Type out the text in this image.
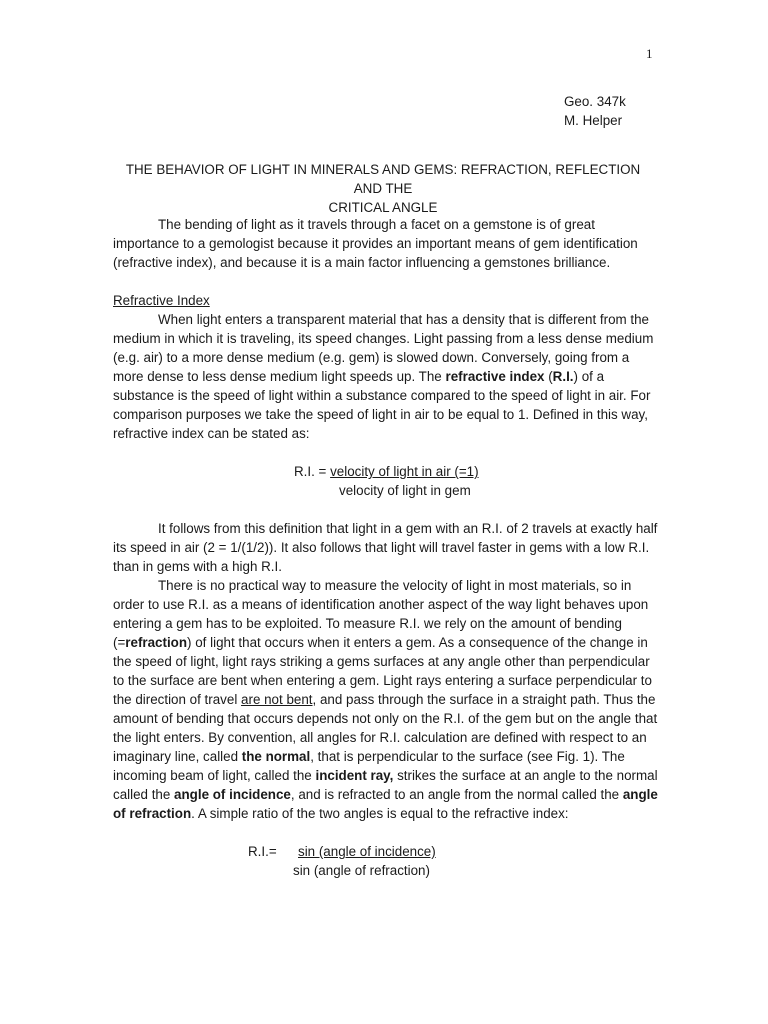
1
Geo. 347k
M. Helper
THE BEHAVIOR OF LIGHT IN MINERALS AND GEMS: REFRACTION, REFLECTION AND THE
CRITICAL ANGLE

The bending of light as it travels through a facet on a gemstone is of great importance to a gemologist because it provides an important means of gem identification (refractive index), and because it is a main factor influencing a gemstones brilliance.

Refractive Index

When light enters a transparent material that has a density that is different from the medium in which it is traveling, its speed changes. Light passing from a less dense medium (e.g. air) to a more dense medium (e.g. gem) is slowed down. Conversely, going from a more dense to less dense medium light speeds up. The refractive index (R.I.) of a substance is the speed of light within a substance compared to the speed of light in air. For comparison purposes we take the speed of light in air to be equal to 1. Defined in this way, refractive index can be stated as:

R.I. = velocity of light in air (=1)
velocity of light in gem

It follows from this definition that light in a gem with an R.I. of 2 travels at exactly half its speed in air (2 = 1/(1/2)). It also follows that light will travel faster in gems with a low R.I. than in gems with a high R.I.

There is no practical way to measure the velocity of light in most materials, so in order to use R.I. as a means of identification another aspect of the way light behaves upon entering a gem has to be exploited. To measure R.I. we rely on the amount of bending (=refraction) of light that occurs when it enters a gem. As a consequence of the change in the speed of light, light rays striking a gems surfaces at any angle other than perpendicular to the surface are bent when entering a gem. Light rays entering a surface perpendicular to the direction of travel are not bent, and pass through the surface in a straight path. Thus the amount of bending that occurs depends not only on the R.I. of the gem but on the angle that the light enters. By convention, all angles for R.I. calculation are defined with respect to an imaginary line, called the normal, that is perpendicular to the surface (see Fig. 1). The incoming beam of light, called the incident ray, strikes the surface at an angle to the normal called the angle of incidence, and is refracted to an angle from the normal called the angle of refraction. A simple ratio of the two angles is equal to the refractive index:

R.I.= sin (angle of incidence)
sin (angle of refraction)
